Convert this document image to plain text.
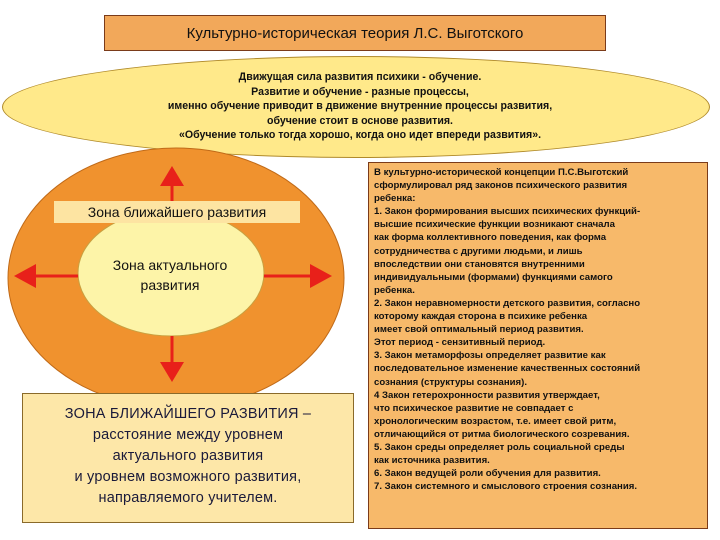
Культурно-историческая теория Л.С. Выготского
Движущая сила развития психики - обучение.
Развитие и обучение - разные процессы,
именно обучение приводит в движение внутренние процессы развития,
обучение стоит в основе развития.
«Обучение только тогда хорошо, когда оно идет впереди развития».
Зона ближайшего развития
Зона актуального
развития
ЗОНА БЛИЖАЙШЕГО РАЗВИТИЯ –
расстояние между уровнем
актуального развития
и уровнем возможного развития,
направляемого учителем.
В культурно-исторической концепции П.С.Выготский
сформулировал ряд законов психического развития
ребенка:
1. Закон формирования высших психических функций-
высшие психические функции возникают сначала
как форма коллективного поведения, как форма
сотрудничества с другими людьми, и лишь
впоследствии они становятся внутренними
индивидуальными (формами) функциями самого
ребенка.
2. Закон неравномерности детского развития, согласно
которому каждая сторона в психике ребенка
имеет свой оптимальный период развития.
Этот период - сензитивный период.
3. Закон метаморфозы определяет развитие как
последовательное изменение качественных состояний
сознания (структуры сознания).
4 Закон гетерохронности развития утверждает,
что психическое развитие не совпадает с
хронологическим возрастом, т.е. имеет свой ритм,
отличающийся от ритма биологического созревания.
5. Закон среды определяет роль социальной среды
как источника развития.
6. Закон ведущей роли обучения для развития.
7. Закон системного и смыслового строения сознания.
